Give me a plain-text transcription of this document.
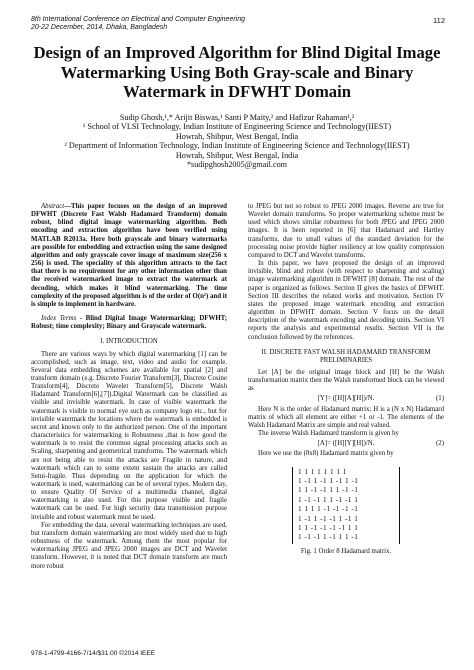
8th International Conference on Electrical and Computer Engineering
20-22 December, 2014, Dhaka, Bangladesh
112
Design of an Improved Algorithm for Blind Digital Image Watermarking Using Both Gray-scale and Binary Watermark in DFWHT Domain
Sudip Ghosh,¹,* Arijit Biswas,¹ Santi P Maity,² and Hafizur Rahaman¹,²
¹ School of VLSI Technology, Indian Institute of Engineering Science and Technology(IIEST)
Howrah, Shibpur, West Bengal, India
² Department of Information Technology, Indian Institute of Engineering Science and Technology(IIEST)
Howrah, Shibpur, West Bengal, India
*sudipghosh2005@gmail.com

Abstract—This paper focuses on the design of an improved DFWHT (Discrete Fast Walsh Hadamard Transform) domain robust, blind digital image watermarking algorithm. Both encoding and extraction algorithm have been verified using MATLAB R2013a. Here both grayscale and binary watermarks are possible for embedding and extraction using the same designed algorithm and only grayscale cover image of maximum size(256 x 256) is used. The speciality of this algorithm attracts to the fact that there is no requirement for any other information other than the received watermarked image to extract the watermark at decoding, which makes it blind watermarking. The time complexity of the proposed algorithm is of the order of O(n²) and it is simple to implement in hardware.

Index Terms - Blind Digital Image Watermarking; DFWHT; Robust; time complexity; Binary and Grayscale watermark.

I. INTRODUCTION

There are various ways by which digital watermarking [1] can be accomplished, such as image, text, video and audio for example. Several data embedding schemes are available for spatial [2] and transform domain (e.g. Discrete Fourier Transform[3], Discrete Cosine Transform[4], Discrete Wavelet Transform[5], Discrete Walsh Hadamard Transform[6],[7]).Digital Watermark can be classified as visible and invisible watermark. In case of visible watermark the watermark is visible to normal eye such as company logo etc., but for invisible watermark the locations where the watermark is embedded is secret and known only to the authorized person. One of the important characteristics for watermarking is Robustness ,that is how good the watermark is to resist the common signal processing attacks such as Scaling, sharpening and geometrical transforms. The watermark which are not being able to resist the attacks are Fragile in nature, and watermark which can to some extent sustain the attacks are called Semi-fragile. Thus depending on the application for which the watermark is used, watermarking can be of several types. Modern day, to ensure Quality Of Service of a multimedia channel, digital watermarking is also used. For this purpose visible and fragile watermark can be used. For high security data transmission purpose invisible and robust watermark must be used.

For embedding the data, several watermarking techniques are used, but transform domain watermarking are most widely used due to high robustness of the watermark. Among them the most popular for watermarking JPEG and JPEG 2000 images are DCT and Wavelet transform. However, it is noted that DCT domain transform are much more robust

to JPEG but not so robust to JPEG 2000 images. Reverse are true for Wavelet domain transforms. So proper watermarking scheme must be used which shows similar robustness for both JPEG and JPEG 2000 images. It is been reported in [6] that Hadamard and Hartley transforms, due to small values of the standard deviation for the processing noise provide higher resiliency at low quality compression compared to DCT and Wavelet transforms.

In this paper, we have proposed the design of an improved invisible, blind and robust (with respect to sharpening and scaling) image watermarking algorithm in DFWHT [8] domain. The rest of the paper is organized as follows. Section II gives the basics of DFWHT. Section III describes the related works and motivation. Section IV states the proposed image watermark encoding and extraction algorithm in DFWHT domain. Section V focus on the detail description of the watermark encoding and decoding units. Section VI reports the analysis and experimental results. Section VII is the conclusion followed by the references.

II. DISCRETE FAST WALSH HADAMARD TRANSFORM PRELIMINARIES

Let [A] be the original image block and [H] be the Walsh transformation matrix then the Walsh transformed block can be viewed as

[Y]= ([H][A][H])/N.	(1)

Here N is the order of Hadamard matrix; H is a (N x N) Hadamard matrix of which all element are either +1 or -1. The elements of the Walsh Hadamard Matrix are simple and real valued.

The inverse Walsh Hadamard transform is given by

[A]= ([H][Y][H])/N.	(2)

Here we use the (8x8) Hadamard matrix given by

1 1 1 1 1 1 1 1
1 -1 1 -1 1 -1 1 -1
1 1 -1 -1 1 1 -1 -1
1 -1 -1 1 1 -1 -1 1
1 1 1 1 -1 -1 -1 -1
1 -1 1 -1 -1 1 -1 1
1 1 -1 -1 -1 -1 1 1
1 -1 -1 1 -1 1 1 -1

Fig. 1 Order 8 Hadamard matrix.

978-1-4799-4166-7/14/$31.00 ©2014 IEEE
